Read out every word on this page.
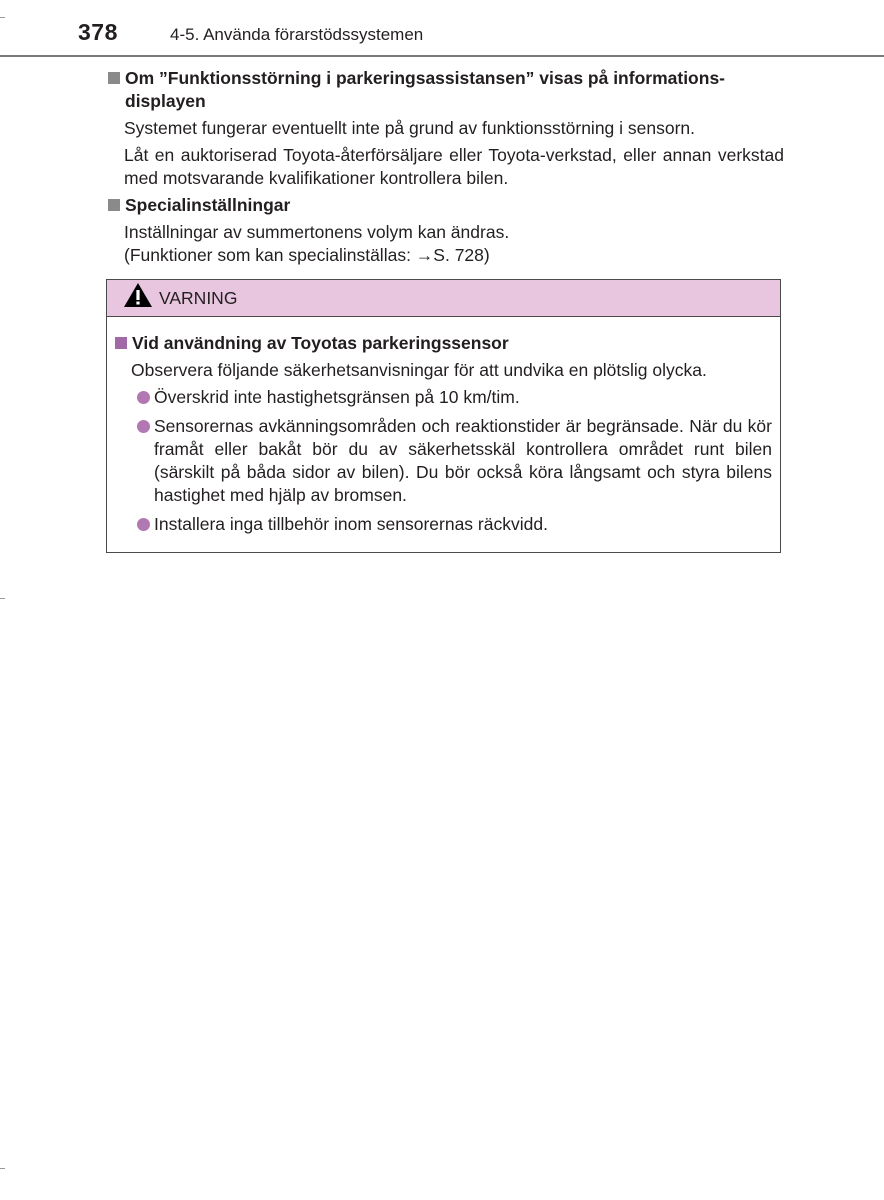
378	4-5. Använda förarstödssystemen
Om ”Funktionsstörning i parkeringsassistansen” visas på informations-displayen
Systemet fungerar eventuellt inte på grund av funktionsstörning i sensorn.
Låt en auktoriserad Toyota-återförsäljare eller Toyota-verkstad, eller annan verkstad med motsvarande kvalifikationer kontrollera bilen.
Specialinställningar
Inställningar av summertonens volym kan ändras.
(Funktioner som kan specialinställas: →S. 728)
VARNING
Vid användning av Toyotas parkeringssensor
Observera följande säkerhetsanvisningar för att undvika en plötslig olycka.
Överskrid inte hastighetsgränsen på 10 km/tim.
Sensorernas avkänningsområden och reaktionstider är begränsade. När du kör framåt eller bakåt bör du av säkerhetsskäl kontrollera området runt bilen (särskilt på båda sidor av bilen). Du bör också köra långsamt och styra bilens hastighet med hjälp av bromsen.
Installera inga tillbehör inom sensorernas räckvidd.
